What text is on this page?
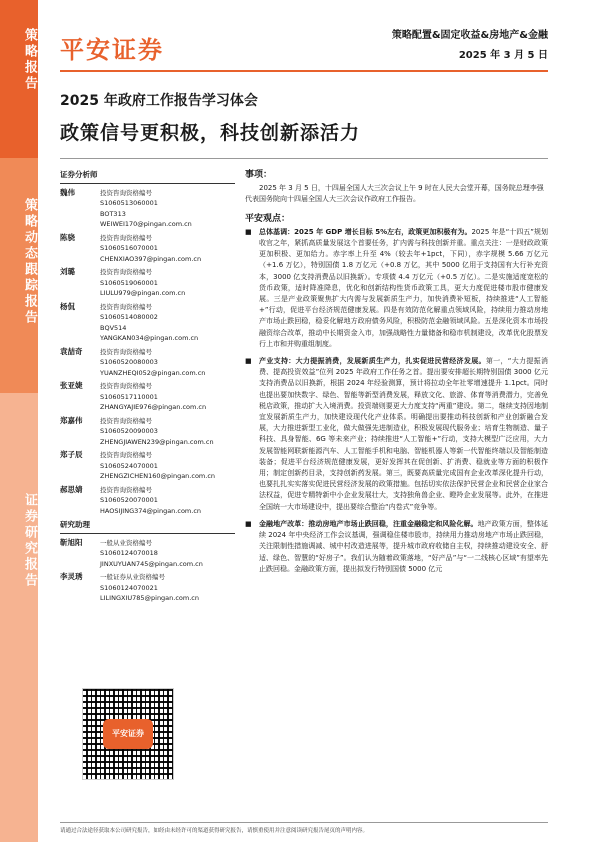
策略报告
策略动态跟踪报告
证券研究报告
平安证券
策略配置&固定收益&房地产&金融
2025 年 3 月 5 日
2025 年政府工作报告学习体会
政策信号更积极，科技创新添活力
证券分析师
魏伟	投资咨询资格编号
S1060513060001
BOT313
WEIWEI170@pingan.com.cn
陈骁	投资咨询资格编号
S1060516070001
CHENXIAO397@pingan.com.cn
刘璐	投资咨询资格编号
S1060519060001
LIULU979@pingan.com.cn
杨侃	投资咨询资格编号
S1060514080002
BQV514
YANGKAN034@pingan.com.cn
袁喆奇	投资咨询资格编号
S1060520080003
YUANZHEQI052@pingan.com.cn
张亚婕	投资咨询资格编号
S1060517110001
ZHANGYAJIE976@pingan.com.cn
郑嘉伟	投资咨询资格编号
S1060520090003
ZHENGJIAWEN239@pingan.com.cn
郑子辰	投资咨询资格编号
S1060524070001
ZHENGZICHEN160@pingan.com.cn
郝思婧	投资咨询资格编号
S1060520070001
HAOSIJING374@pingan.com.cn
研究助理
靳旭阳	一般从业资格编号
S1060124070018
JINXUYUAN745@pingan.com.cn
李灵琇	一般证券从业资格编号
S1060124070021
LILINGXIU785@pingan.com.cn
平安证券
事项：
2025 年 3 月 5 日，十四届全国人大三次会议上午 9 时在人民大会堂开幕，国务院总理李强代表国务院向十四届全国人大三次会议作政府工作报告。
平安观点：
■ 总体基调：2025 年 GDP 增长目标 5%左右，政策更加积极有为。2025 年是“十四五”规划收官之年，紧抓高质量发展这个首要任务，扩内需与科技创新并重。重点关注：一是财政政策更加积极、更加给力。赤字率上升至 4%（较去年+1pct，下同），赤字规模 5.66 万亿元（+1.6 万亿），特别国债 1.8 万亿元（+0.8 万亿，其中 5000 亿用于支持国有大行补充资本，3000 亿支持消费品以旧换新）。专项债 4.4 万亿元（+0.5 万亿）。二是实施适度宽松的货币政策，适时降准降息，优化和创新结构性货币政策工具，更大力度促进楼市股市健康发展。三是产业政策聚焦扩大内需与发展新质生产力，加快消费补短板，持续推进“人工智能+”行动，促进平台经济规范健康发展。四是有效防范化解重点领域风险，持续用力推动房地产市场止跌回稳，稳妥化解地方政府债务风险，积极防范金融领域风险。五是深化资本市场投融资综合改革，推动中长期资金入市，加强战略性力量储备和稳市机制建设，改革优化股票发行上市和并购重组制度。
■ 产业支持：大力提振消费，发展新质生产力，扎实促进民营经济发展。第一，“大力提振消费、提高投资效益”位列 2025 年政府工作任务之首。提出要安排超长期特别国债 3000 亿元支持消费品以旧换新，根据 2024 年经验测算，预计将拉动全年社零增速提升 1.1pct。同时也提出要加快数字、绿色、智能等新型消费发展，释放文化、旅游、体育等消费潜力，完善免税店政策，推动扩大入境消费。投资端则要更大力度支持“两重”建设。第二，继续支持因地制宜发展新质生产力，加快建设现代化产业体系。明确提出要推动科技创新和产业创新融合发展，大力推进新型工业化，做大做强先进制造业，积极发展现代服务业；培育生物制造、量子科技、具身智能、6G 等未来产业；持续推进“人工智能+”行动，支持大模型广泛应用，大力发展智能网联新能源汽车、人工智能手机和电脑、智能机器人等新一代智能终端以及智能制造装备；促进平台经济规范健康发展，更好发挥其在促创新、扩消费、稳就业等方面的积极作用；制定创新药目录，支持创新药发展。第三，既要高质量完成国有企业改革深化提升行动，也要扎扎实实落实促进民营经济发展的政策措施。包括切实依法保护民营企业和民营企业家合法权益，促进专精特新中小企业发展壮大，支持独角兽企业、瞪羚企业发展等。此外，在推进全国统一大市场建设中，提出要综合整治“内卷式”竞争等。
■ 金融地产改革：推动房地产市场止跌回稳，注重金融稳定和风险化解。地产政策方面，整体延续 2024 年中央经济工作会议基调，强调稳住楼市股市，持续用力推动房地产市场止跌回稳，关注限制性措施调减、城中村改造进展等，提升城市政府收储自主权，持续推动建设安全、舒适、绿色、智慧的“好房子”。我们认为随着政策落地，“好产品”与“一二线核心区域”有望率先止跌回稳。金融政策方面，提出拟发行特别国债 5000 亿元
请通过合法途径获取本公司研究报告，如经由未经许可的渠道获得研究报告，请慎重使用并注意阅读研究报告尾页的声明内容。
